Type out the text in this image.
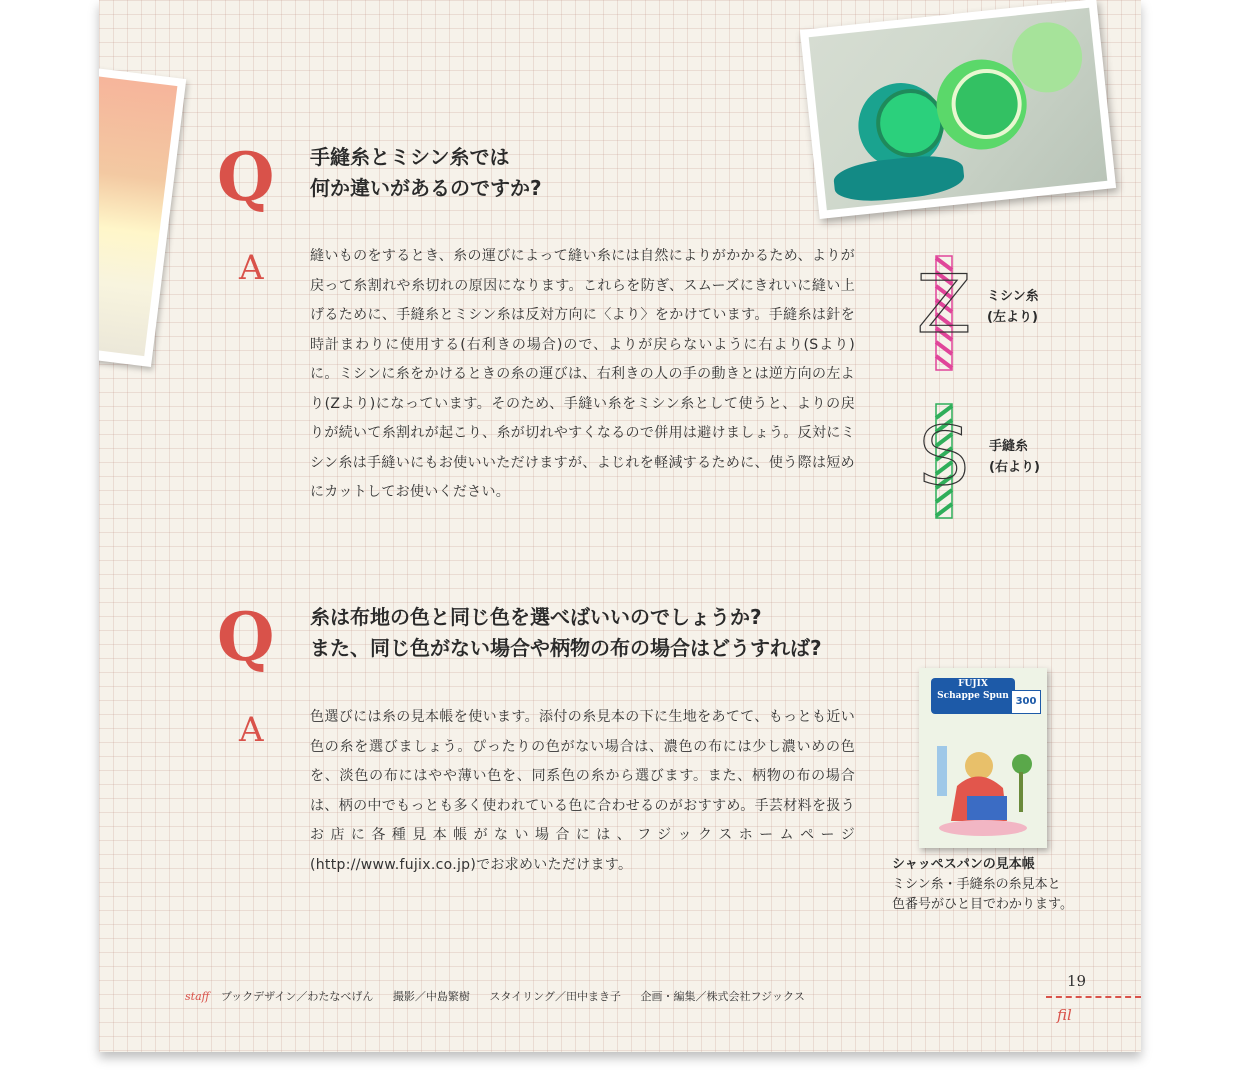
Q 手縫糸とミシン糸では
何か違いがあるのですか?
A	縫いものをするとき、糸の運びによって縫い糸には自然によりがかかるため、よりが戻って糸割れや糸切れの原因になります。これらを防ぎ、スムーズにきれいに縫い上げるために、手縫糸とミシン糸は反対方向に〈より〉をかけています。手縫糸は針を時計まわりに使用する(右利きの場合)ので、よりが戻らないように右より(Sより)に。ミシンに糸をかけるときの糸の運びは、右利きの人の手の動きとは逆方向の左より(Zより)になっています。そのため、手縫い糸をミシン糸として使うと、よりの戻りが続いて糸割れが起こり、糸が切れやすくなるので併用は避けましょう。反対にミシン糸は手縫いにもお使いいただけますが、よじれを軽減するために、使う際は短めにカットしてお使いください。
Z ミシン糸
(左より)
S 手縫糸
(右より)
Q 糸は布地の色と同じ色を選べばいいのでしょうか?
また、同じ色がない場合や柄物の布の場合はどうすれば?
A	色選びには糸の見本帳を使います。添付の糸見本の下に生地をあてて、もっとも近い色の糸を選びましょう。ぴったりの色がない場合は、濃色の布には少し濃いめの色を、淡色の布にはやや薄い色を、同系色の糸から選びます。また、柄物の布の場合は、柄の中でもっとも多く使われている色に合わせるのがおすすめ。手芸材料を扱うお店に各種見本帳がない場合には、フジックスホームページ(http://www.fujix.co.jp)でお求めいただけます。
FUJIX
Schappe Spun 300
シャッペスパンの見本帳
ミシン糸・手縫糸の糸見本と
色番号がひと目でわかります。
staff ブックデザイン／わたなべげん 撮影／中島繁樹 スタイリング／田中まき子 企画・編集／株式会社フジックス
19
fil
